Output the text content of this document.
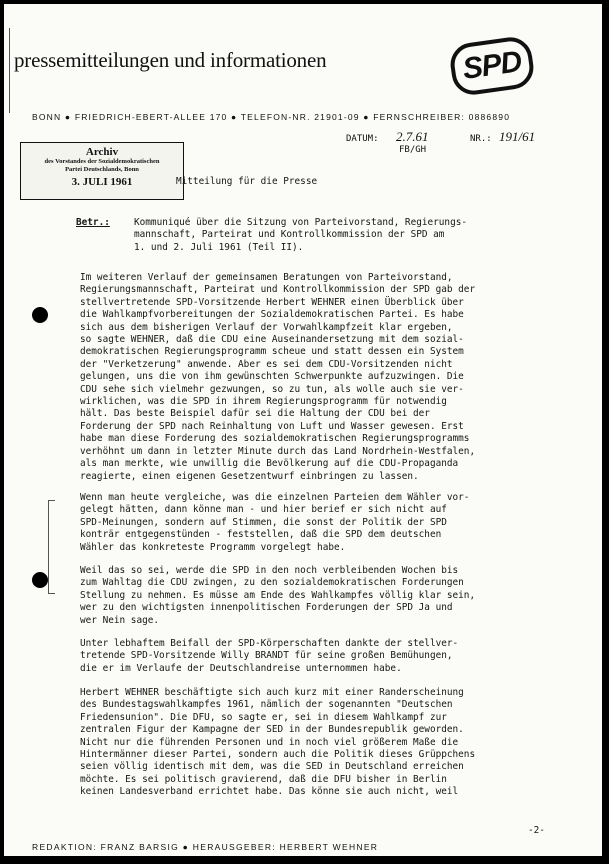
pressemitteilungen und informationen	SPD
BONN ● FRIEDRICH-EBERT-ALLEE 170 ● TELEFON-NR. 21901-09 ● FERNSCHREIBER: 0886890
Archiv
des Vorstandes der Sozialdemokratischen
Partei Deutschlands, Bonn
3. JULI 1961
DATUM: 2.7.61
FB/GH
NR.: 191/61
Mitteilung für die Presse
Betr.:	Kommuniqué über die Sitzung von Parteivorstand, Regierungs-
mannschaft, Parteirat und Kontrollkommission der SPD am
1. und 2. Juli 1961 (Teil II).
Im weiteren Verlauf der gemeinsamen Beratungen von Parteivorstand,
Regierungsmannschaft, Parteirat und Kontrollkommission der SPD gab der
stellvertretende SPD-Vorsitzende Herbert WEHNER einen Überblick über
die Wahlkampfvorbereitungen der Sozialdemokratischen Partei. Es habe
sich aus dem bisherigen Verlauf der Vorwahlkampfzeit klar ergeben,
so sagte WEHNER, daß die CDU eine Auseinandersetzung mit dem sozial-
demokratischen Regierungsprogramm scheue und statt dessen ein System
der "Verketzerung" anwende. Aber es sei dem CDU-Vorsitzenden nicht
gelungen, uns die von ihm gewünschten Schwerpunkte aufzuzwingen. Die
CDU sehe sich vielmehr gezwungen, so zu tun, als wolle auch sie ver-
wirklichen, was die SPD in ihrem Regierungsprogramm für notwendig
hält. Das beste Beispiel dafür sei die Haltung der CDU bei der
Forderung der SPD nach Reinhaltung von Luft und Wasser gewesen. Erst
habe man diese Forderung des sozialdemokratischen Regierungsprogramms
verhöhnt um dann in letzter Minute durch das Land Nordrhein-Westfalen,
als man merkte, wie unwillig die Bevölkerung auf die CDU-Propaganda
reagierte, einen eigenen Gesetzentwurf einbringen zu lassen.
Wenn man heute vergleiche, was die einzelnen Parteien dem Wähler vor-
gelegt hätten, dann könne man - und hier berief er sich nicht auf
SPD-Meinungen, sondern auf Stimmen, die sonst der Politik der SPD
konträr entgegenstünden - feststellen, daß die SPD dem deutschen
Wähler das konkreteste Programm vorgelegt habe.
Weil das so sei, werde die SPD in den noch verbleibenden Wochen bis
zum Wahltag die CDU zwingen, zu den sozialdemokratischen Forderungen
Stellung zu nehmen. Es müsse am Ende des Wahlkampfes völlig klar sein,
wer zu den wichtigsten innenpolitischen Forderungen der SPD Ja und
wer Nein sage.
Unter lebhaftem Beifall der SPD-Körperschaften dankte der stellver-
tretende SPD-Vorsitzende Willy BRANDT für seine großen Bemühungen,
die er im Verlaufe der Deutschlandreise unternommen habe.
Herbert WEHNER beschäftigte sich auch kurz mit einer Randerscheinung
des Bundestagswahlkampfes 1961, nämlich der sogenannten "Deutschen
Friedensunion". Die DFU, so sagte er, sei in diesem Wahlkampf zur
zentralen Figur der Kampagne der SED in der Bundesrepublik geworden.
Nicht nur die führenden Personen und in noch viel größerem Maße die
Hintermänner dieser Partei, sondern auch die Politik dieses Grüppchens
seien völlig identisch mit dem, was die SED in Deutschland erreichen
möchte. Es sei politisch gravierend, daß die DFU bisher in Berlin
keinen Landesverband errichtet habe. Das könne sie auch nicht, weil
-2-
REDAKTION: FRANZ BARSIG ● HERAUSGEBER: HERBERT WEHNER
